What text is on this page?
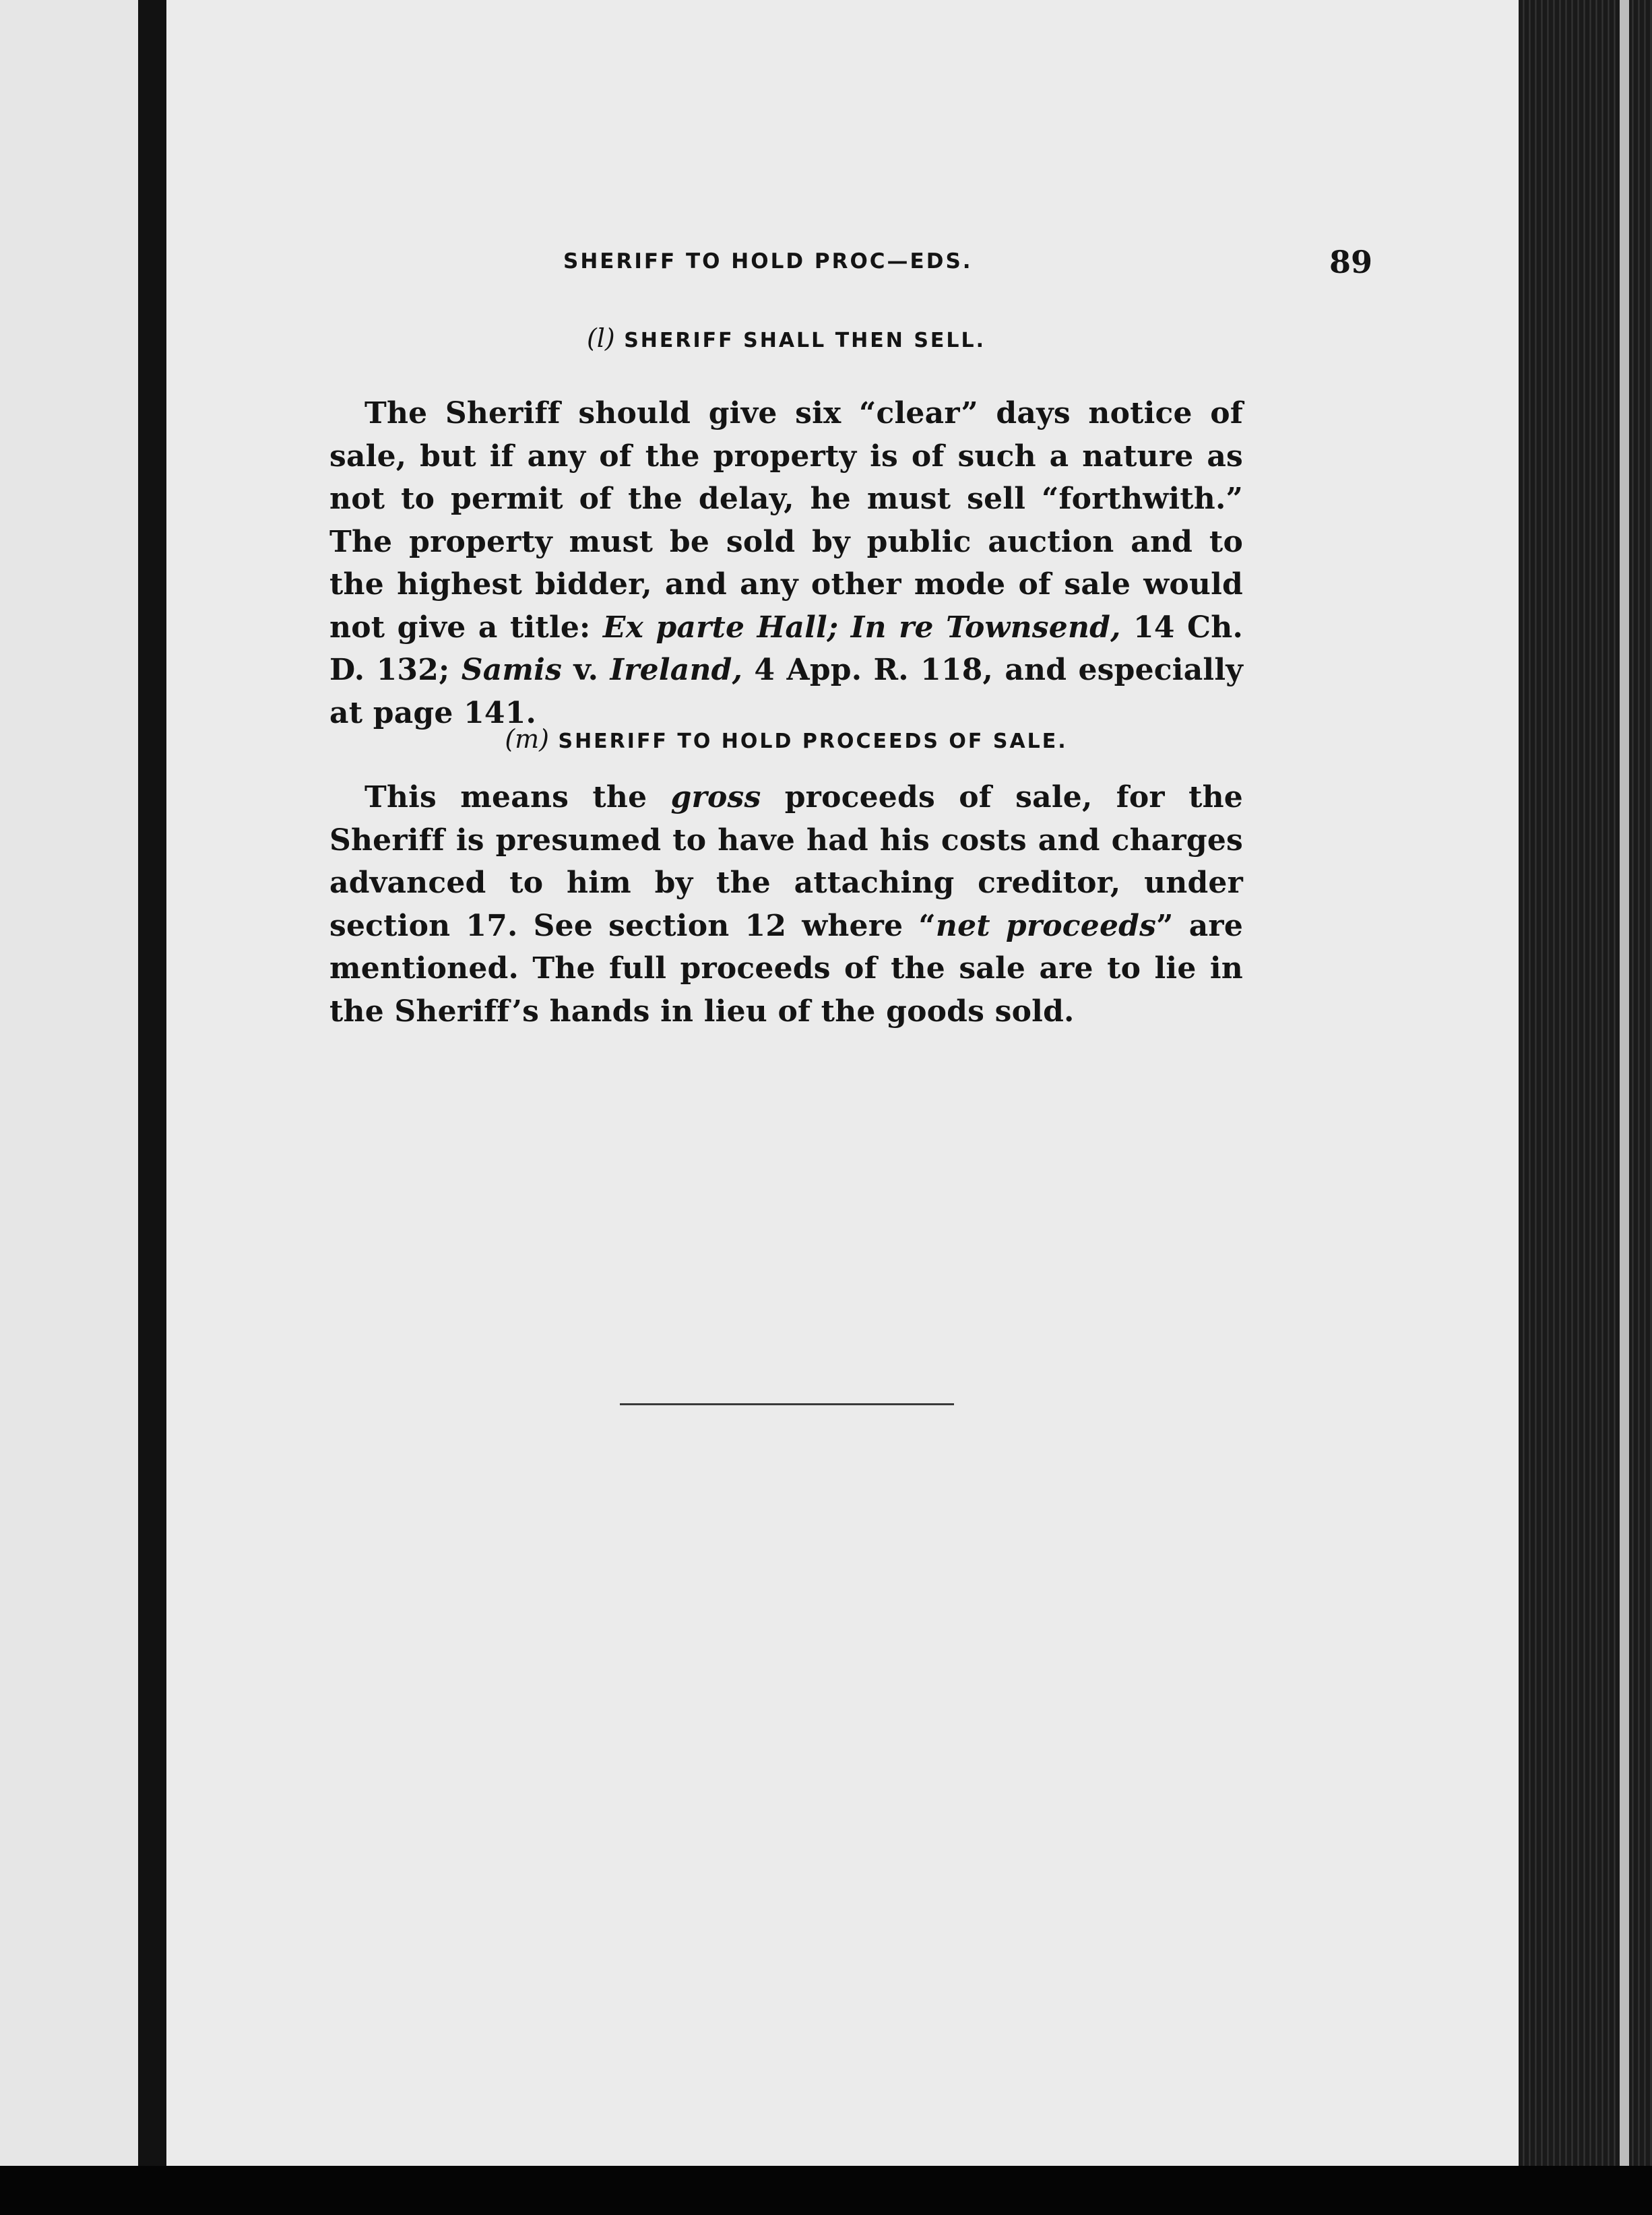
SHERIFF TO HOLD PROC—EDS.	89
(l) SHERIFF SHALL THEN SELL.

The Sheriff should give six “clear” days notice of sale, but if any of the property is of such a nature as not to permit of the delay, he must sell “forthwith.” The property must be sold by public auction and to the highest bidder, and any other mode of sale would not give a title: Ex parte Hall; In re Townsend, 14 Ch. D. 132; Samis v. Ireland, 4 App. R. 118, and especially at page 141.

(m) SHERIFF TO HOLD PROCEEDS OF SALE.

This means the gross proceeds of sale, for the Sheriff is presumed to have had his costs and charges advanced to him by the attaching creditor, under section 17. See section 12 where “net proceeds” are mentioned. The full proceeds of the sale are to lie in the Sheriff’s hands in lieu of the goods sold.
